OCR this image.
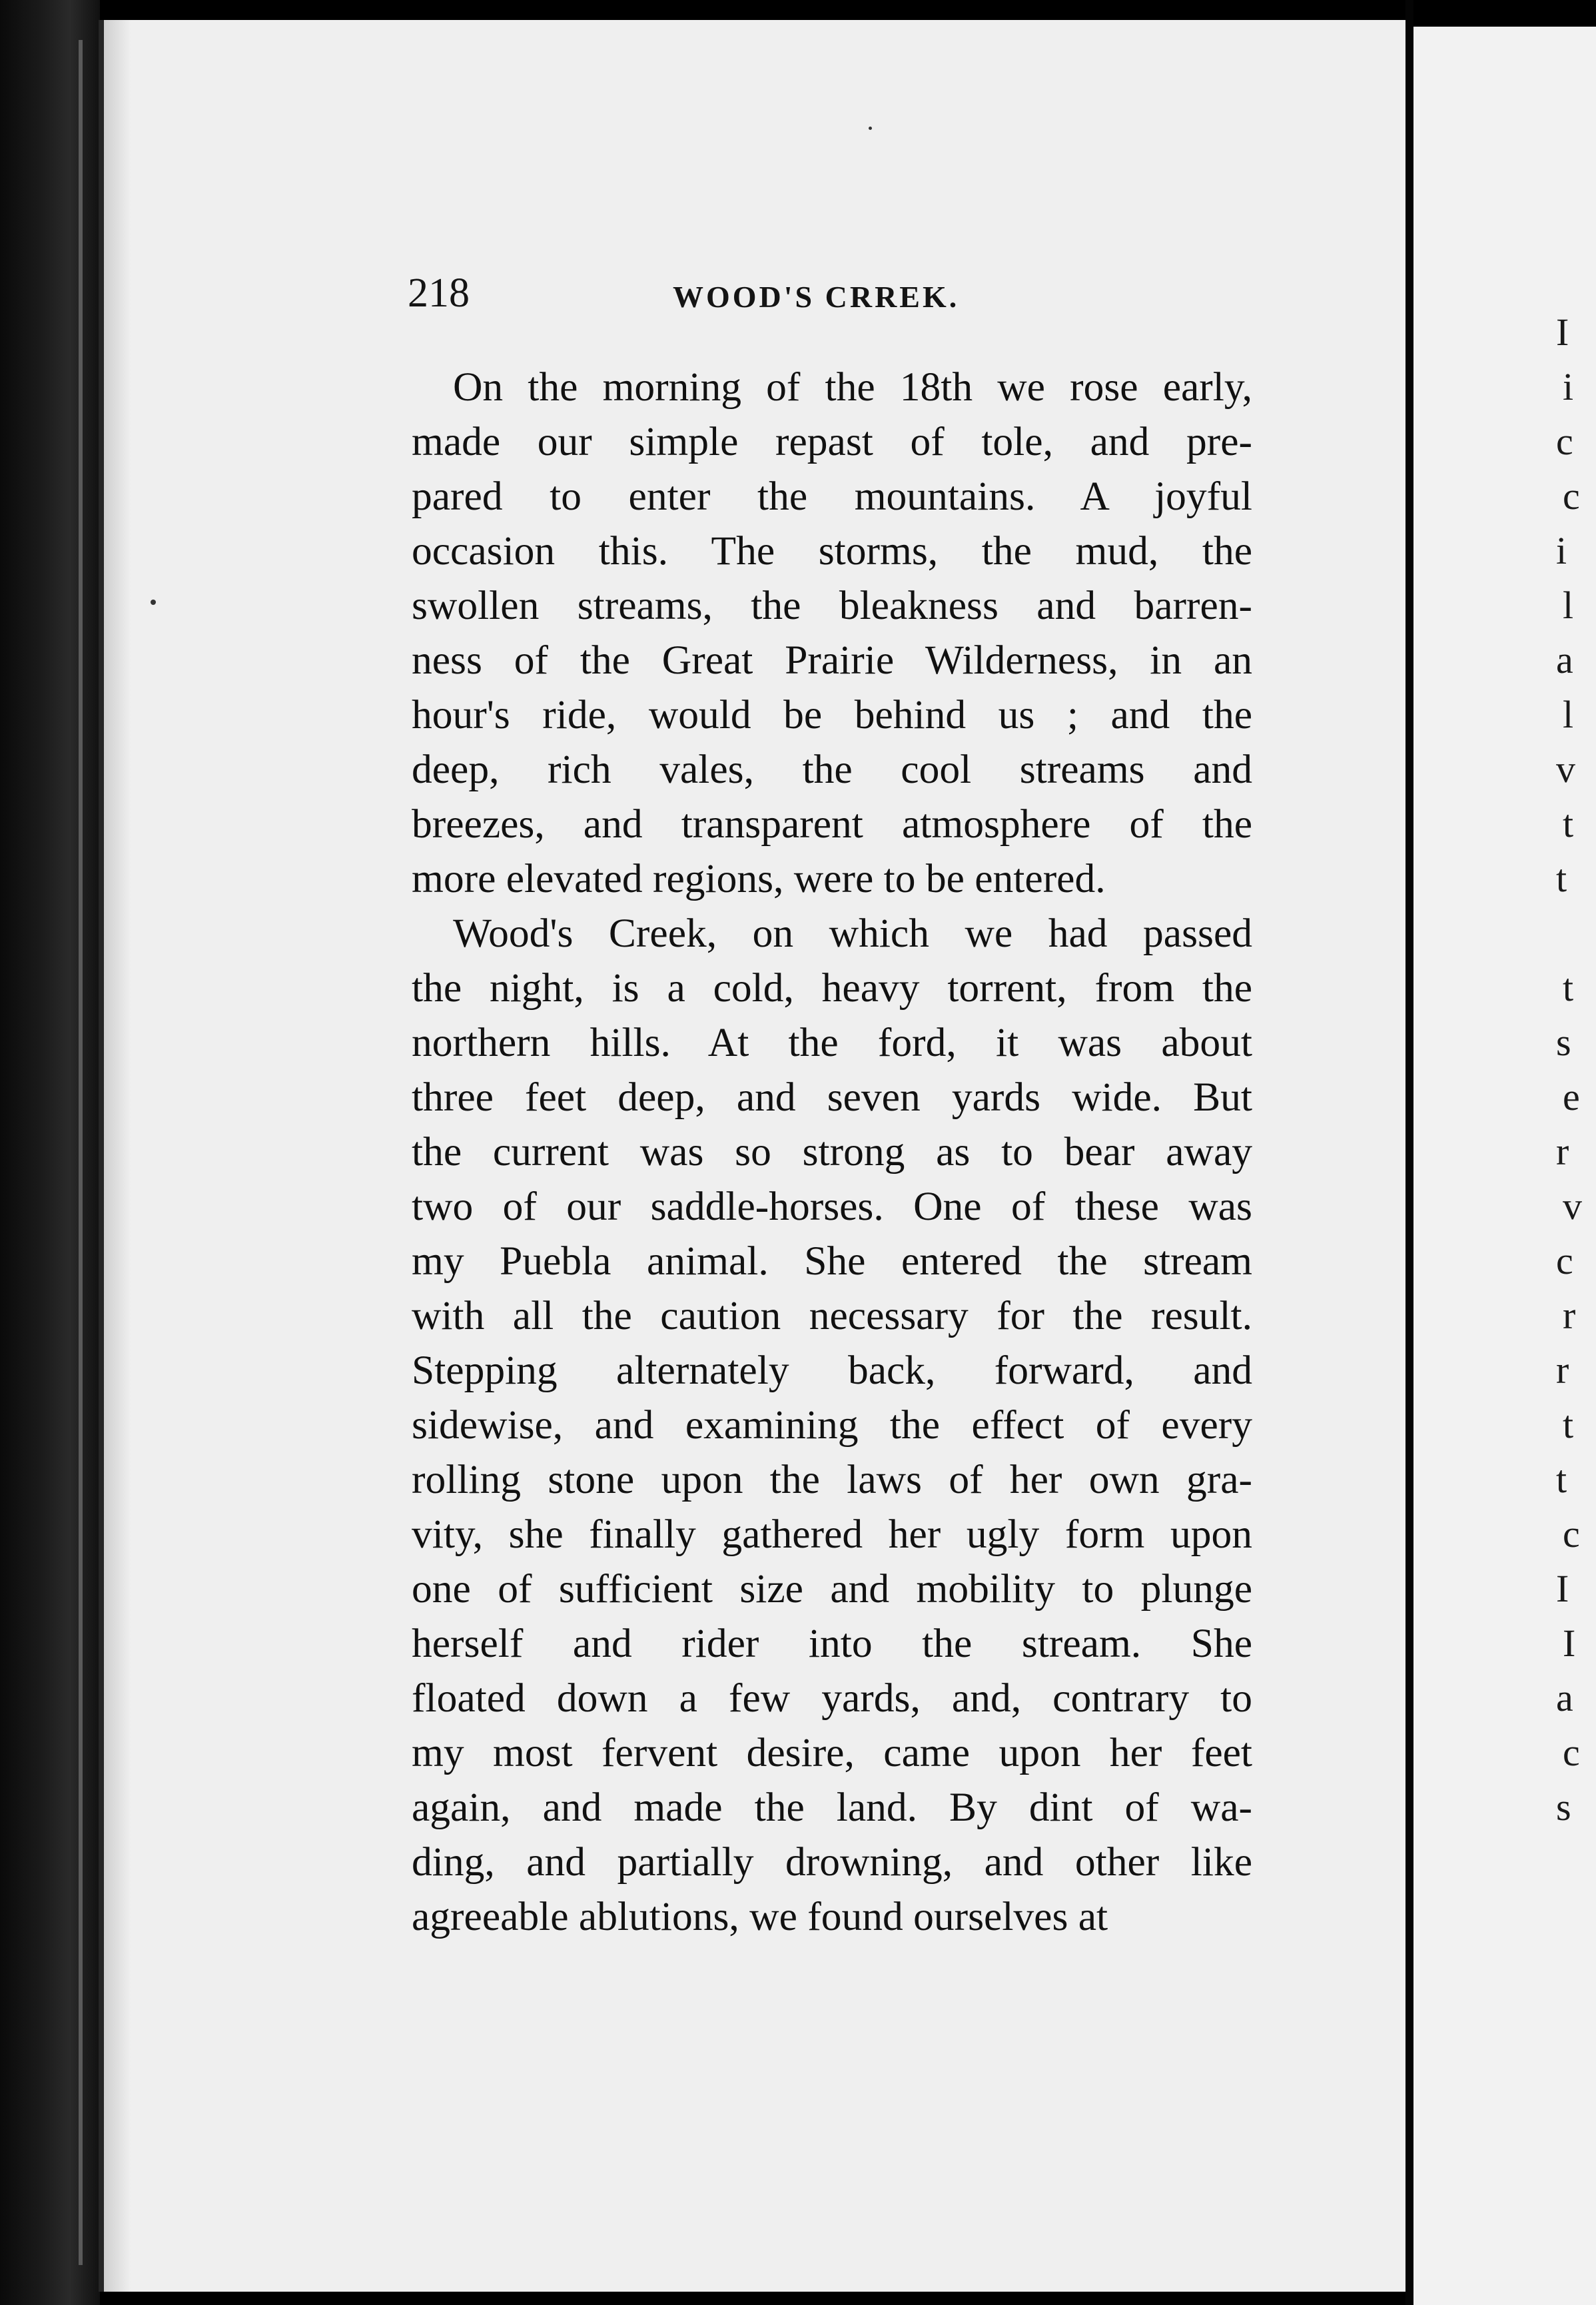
I
i
c
c
i
l
a
l
v
t
t
t
s
e
r
v
c
r
r
t
t
c
I
I
a
c
s
218	WOOD'S CRREK.
On the morning of the 18th we rose early,
made our simple repast of tole, and pre-
pared to enter the mountains. A joyful
occasion this. The storms, the mud, the
swollen streams, the bleakness and barren-
ness of the Great Prairie Wilderness, in an
hour's ride, would be behind us ; and the
deep, rich vales, the cool streams and
breezes, and transparent atmosphere of the
more elevated regions, were to be entered.
Wood's Creek, on which we had passed
the night, is a cold, heavy torrent, from the
northern hills. At the ford, it was about
three feet deep, and seven yards wide. But
the current was so strong as to bear away
two of our saddle-horses. One of these was
my Puebla animal. She entered the stream
with all the caution necessary for the result.
Stepping alternately back, forward, and
sidewise, and examining the effect of every
rolling stone upon the laws of her own gra-
vity, she finally gathered her ugly form upon
one of sufficient size and mobility to plunge
herself and rider into the stream. She
floated down a few yards, and, contrary to
my most fervent desire, came upon her feet
again, and made the land. By dint of wa-
ding, and partially drowning, and other like
agreeable ablutions, we found ourselves at
